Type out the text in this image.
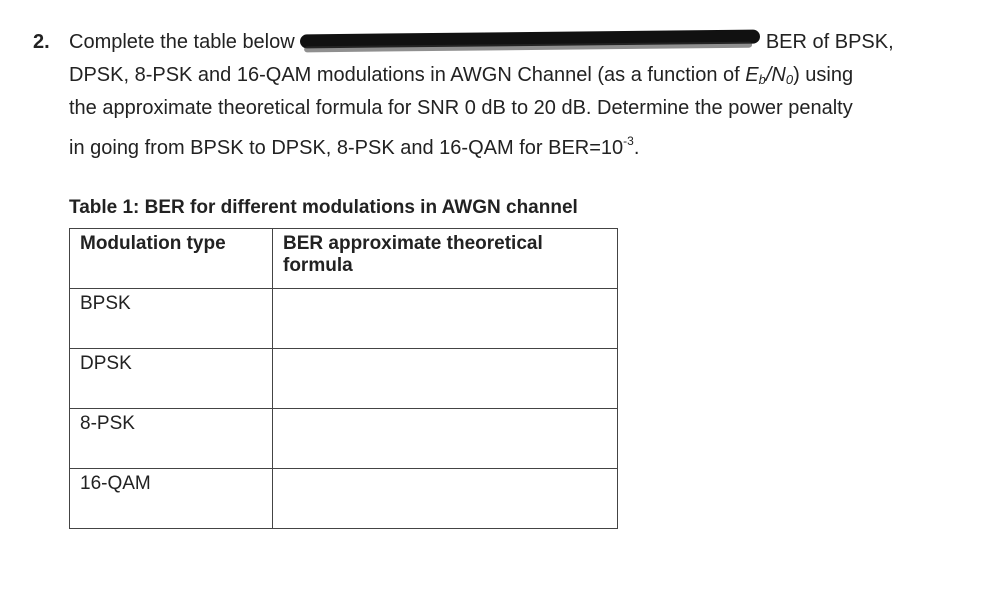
2. Complete the table below	BER of BPSK,
DPSK, 8-PSK and 16-QAM modulations in AWGN Channel (as a function of $E_b/N_0$) using
the approximate theoretical formula for SNR 0 dB to 20 dB. Determine the power penalty
in going from BPSK to DPSK, 8-PSK and 16-QAM for $BER=10^{-3}$.
Table 1: BER for different modulations in AWGN channel
Modulation type	BER approximate theoretical formula
BPSK	
DPSK	
8-PSK	
16-QAM	
